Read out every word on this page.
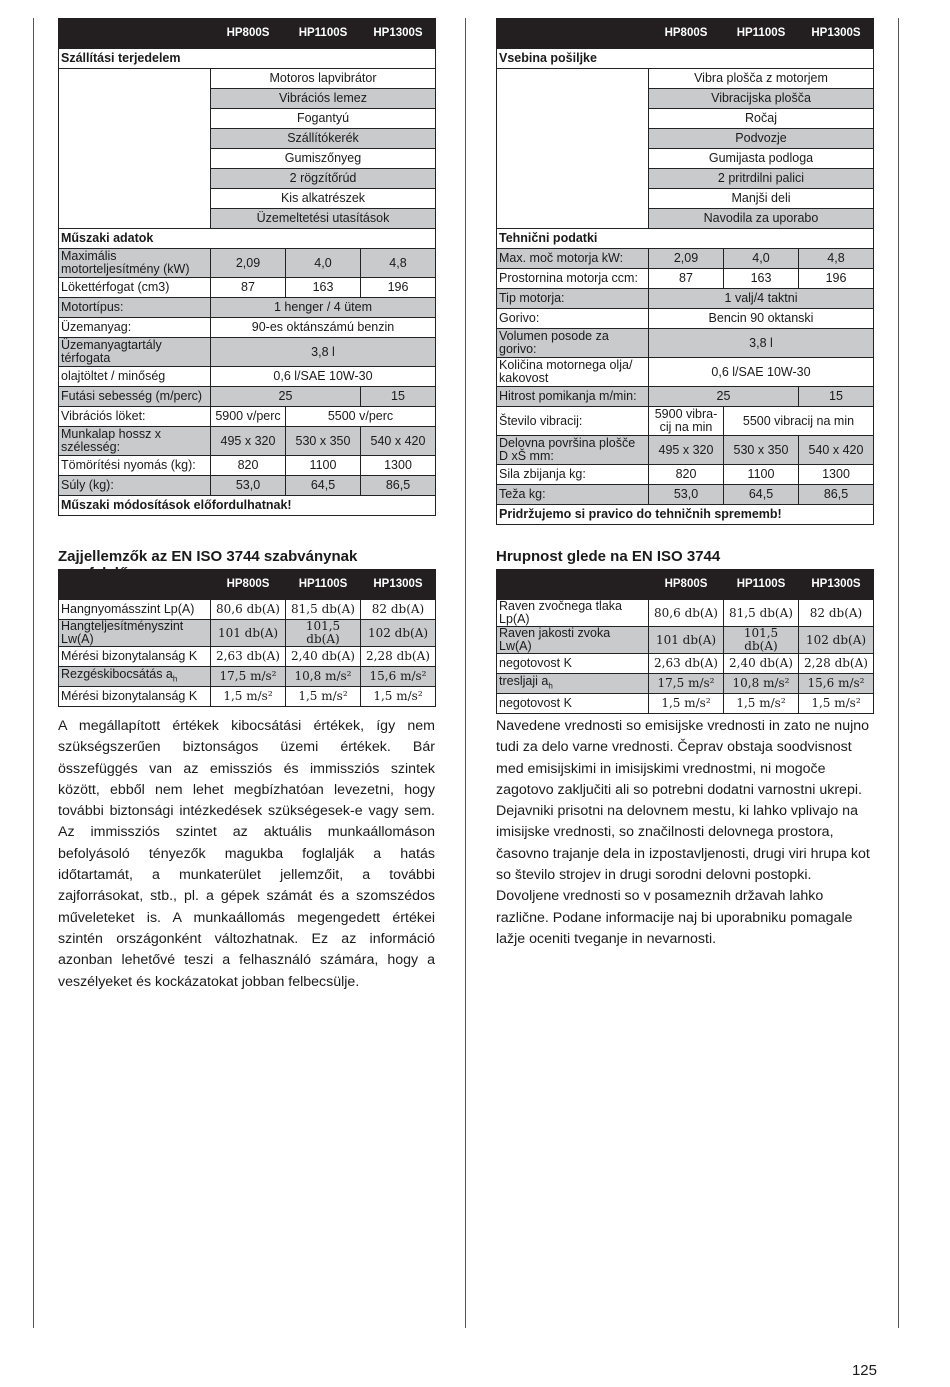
	HP800S	HP1100S	HP1300S
Szállítási terjedelem			
	Motoros lapvibrátor		
	Vibrációs lemez		
	Fogantyú		
	Szállítókerék		
	Gumiszőnyeg		
	2 rögzítőrúd		
	Kis alkatrészek		
	Üzemeltetési utasítások		
Műszaki adatok			
Maximális motorteljesítmény (kW)	2,09	4,0	4,8
Lökettérfogat (cm3)	87	163	196
Motortípus:	1 henger / 4 ütem		
Üzemanyag:	90-es oktánszámú benzin		
Üzemanyagtartály térfogata	3,8 l		
olajtöltet / minőség	0,6 l/SAE 10W-30		
Futási sebesség (m/perc)	25		15
Vibrációs löket:	5900 v/perc	5500 v/perc	
Munkalap hossz x szélesség:	495 x 320	530 x 350	540 x 420
Tömörítési nyomás (kg):	820	1100	1300
Súly (kg):	53,0	64,5	86,5
Műszaki módosítások előfordulhatnak!			
Zajjellemzők az EN ISO 3744 szabványnak
	HP800S	HP1100S	HP1300S
Hangnyomásszint Lp(A)	80,6 db(A)	81,5 db(A)	82 db(A)
Hangteljesítményszint Lw(A)	101 db(A)	101,5 db(A)	102 db(A)
Mérési bizonytalanság K	2,63 db(A)	2,40 db(A)	2,28 db(A)
Rezgéskibocsátás $a_h$	17,5 m/s²	10,8 m/s²	15,6 m/s²
Mérési bizonytalanság K	1,5 m/s²	1,5 m/s²	1,5 m/s²

A megállapított értékek kibocsátási értékek, így nem szükségszerűen biztonságos üzemi értékek. Bár összefüggés van az emissziós és immissziós szintek között, ebből nem lehet megbízhatóan levezetni, hogy további biztonsági intézkedések szükségesek-e vagy sem. Az immissziós szintet az aktuális munkaállomáson befolyásoló tényezők magukba foglalják a hatás időtartamát, a munkaterület jellemzőit, a további zajforrásokat, stb., pl. a gépek számát és a szomszédos műveleteket is. A munkaállomás megengedett értékei szintén országonként változhatnak. Ez az információ azonban lehetővé teszi a felhasználó számára, hogy a veszélyeket és kockázatokat jobban felbecsülje.

	HP800S	HP1100S	HP1300S
Vsebina pošiljke			
	Vibra plošča z motorjem		
	Vibracijska plošča		
	Ročaj		
	Podvozje		
	Gumijasta podloga		
	2 pritrdilni palici		
	Manjši deli		
	Navodila za uporabo		
Tehnični podatki			
Max. moč motorja kW:	2,09	4,0	4,8
Prostornina motorja ccm:	87	163	196
Tip motorja:	1 valj/4 taktni		
Gorivo:	Bencin 90 oktanski		
Volumen posode za gorivo:	3,8 l		
Količina motornega olja/ kakovost	0,6 l/SAE 10W-30		
Hitrost pomikanja m/min:	25		15
Število vibracij:	5900 vibra-cij na min	5500 vibracij na min	
Delovna površina plošče D xŠ mm:	495 x 320	530 x 350	540 x 420
Sila zbijanja kg:	820	1100	1300
Teža kg:	53,0	64,5	86,5
Pridržujemo si pravico do tehničnih sprememb!			
Hrupnost glede na EN ISO 3744
	HP800S	HP1100S	HP1300S
Raven zvočnega tlaka Lp(A)	80,6 db(A)	81,5 db(A)	82 db(A)
Raven jakosti zvoka Lw(A)	101 db(A)	101,5 db(A)	102 db(A)
negotovost K	2,63 db(A)	2,40 db(A)	2,28 db(A)
tresljaji $a_h$	17,5 m/s²	10,8 m/s²	15,6 m/s²
negotovost K	1,5 m/s²	1,5 m/s²	1,5 m/s²

Navedene vrednosti so emisijske vrednosti in zato ne nujno tudi za delo varne vrednosti. Čeprav obstaja soodvisnost med emisijskimi in imisijskimi vrednostmi, ni mogoče zagotovo zaključiti ali so potrebni dodatni varnostni ukrepi. Dejavniki prisotni na delovnem mestu, ki lahko vplivajo na imisijske vrednosti, so značilnosti delovnega prostora, časovno trajanje dela in izpostavljenosti, drugi viri hrupa kot so število strojev in drugi sorodni delovni postopki. Dovoljene vrednosti so v posameznih državah lahko različne. Podane informacije naj bi uporabniku pomagale lažje oceniti tveganje in nevarnosti.

125
